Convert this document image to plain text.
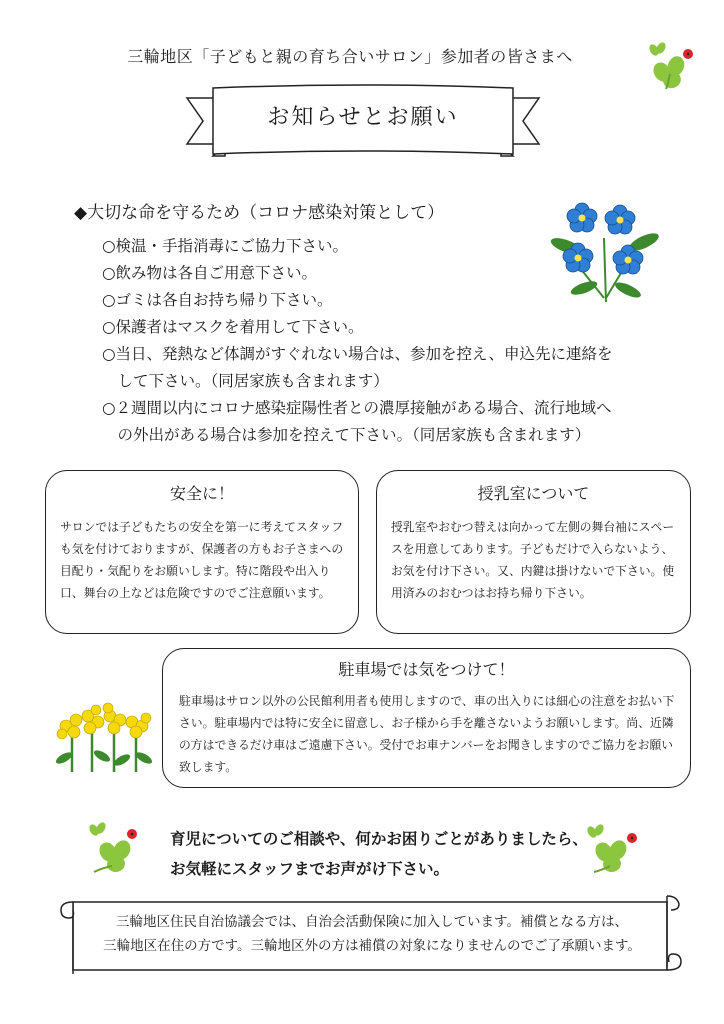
三輪地区「子どもと親の育ち合いサロン」参加者の皆さまへ
お知らせとお願い
◆大切な命を守るため（コロナ感染対策として）
○検温・手指消毒にご協力下さい。
○飲み物は各自ご用意下さい。
○ゴミは各自お持ち帰り下さい。
○保護者はマスクを着用して下さい。
○当日、発熱など体調がすぐれない場合は、参加を控え、申込先に連絡を
　して下さい。（同居家族も含まれます）
○２週間以内にコロナ感染症陽性者との濃厚接触がある場合、流行地域へ
　の外出がある場合は参加を控えて下さい。（同居家族も含まれます）
安全に！

サロンでは子どもたちの安全を第一に考えてスタッフも気を付けておりますが、保護者の方もお子さまへの目配り・気配りをお願いします。特に階段や出入り口、舞台の上などは危険ですのでご注意願います。

授乳室について

授乳室やおむつ替えは向かって左側の舞台袖にスペースを用意してあります。子どもだけで入らないよう、お気を付け下さい。又、内鍵は掛けないで下さい。使用済みのおむつはお持ち帰り下さい。

駐車場では気をつけて！

駐車場はサロン以外の公民館利用者も使用しますので、車の出入りには細心の注意をお払い下さい。駐車場内では特に安全に留意し、お子様から手を離さないようお願いします。尚、近隣の方はできるだけ車はご遠慮下さい。受付でお車ナンバーをお聞きしますのでご協力をお願い致します。

育児についてのご相談や、何かお困りごとがありましたら、
お気軽にスタッフまでお声がけ下さい。
三輪地区住民自治協議会では、自治会活動保険に加入しています。補償となる方は、
三輪地区在住の方です。三輪地区外の方は補償の対象になりませんのでご了承願います。
